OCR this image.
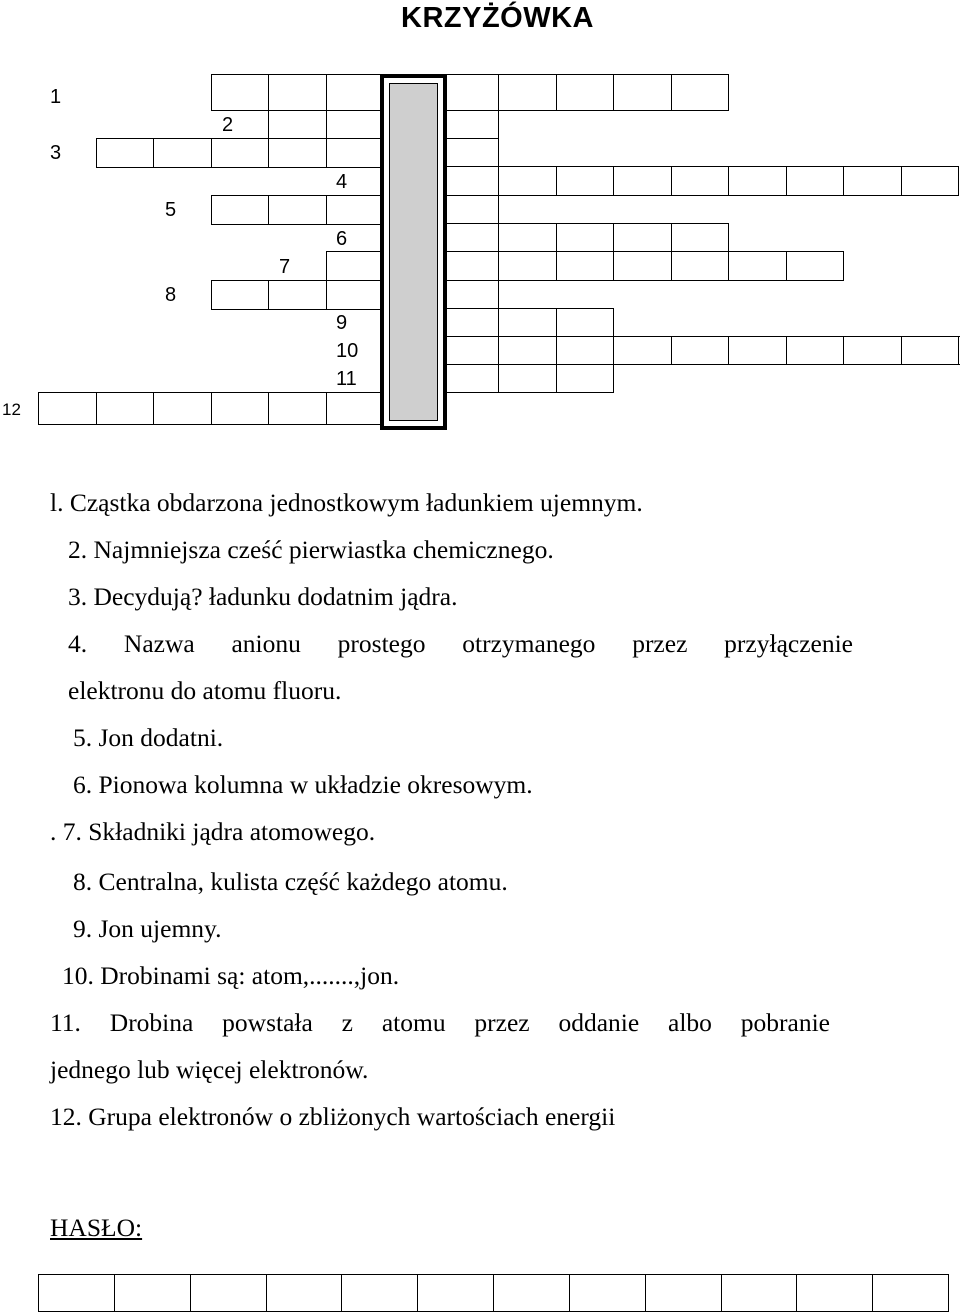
KRZYŻÓWKA
1
2
3
4
5
6
7
8
9
10
11
12
l. Cząstka obdarzona jednostkowym ładunkiem ujemnym.
2. Najmniejsza cześć pierwiastka chemicznego.
3. Decydują? ładunku dodatnim jądra.
4. Nazwa anionu prostego otrzymanego przez przyłączenie
elektronu do atomu fluoru.
5. Jon dodatni.
6. Pionowa kolumna w układzie okresowym.
. 7. Składniki jądra atomowego.
8. Centralna, kulista część każdego atomu.
9. Jon ujemny.
10. Drobinami są: atom,.......,jon.
11. Drobina powstała z atomu przez oddanie albo pobranie
jednego lub więcej elektronów.
12. Grupa elektronów o zbliżonych wartościach energii
HASŁO:
